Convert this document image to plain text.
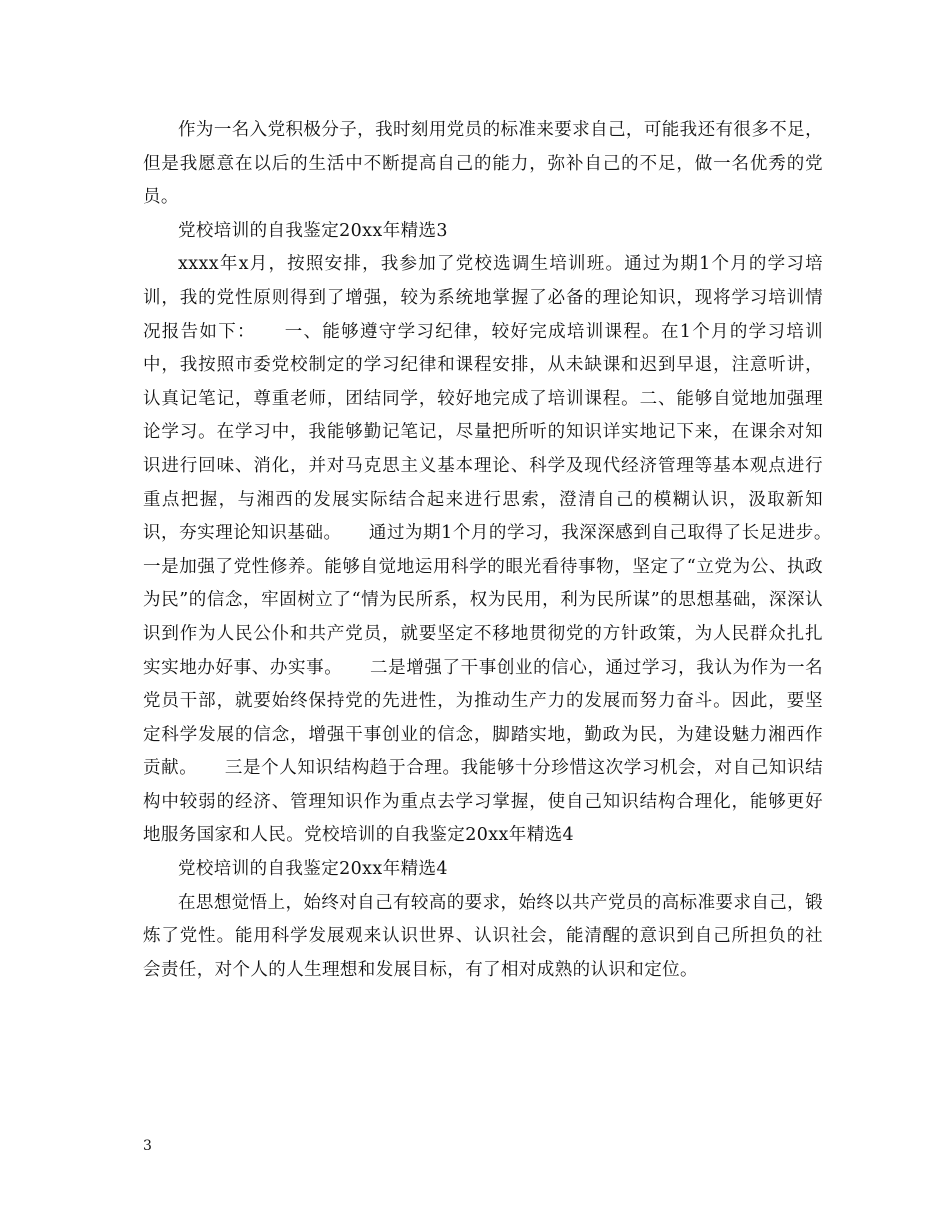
作为一名入党积极分子，我时刻用党员的标准来要求自己，可能我还有很多不足，但是我愿意在以后的生活中不断提高自己的能力，弥补自己的不足，做一名优秀的党员。

党校培训的自我鉴定20xx年精选3

xxxx年x月，按照安排，我参加了党校选调生培训班。通过为期1个月的学习培训，我的党性原则得到了增强，较为系统地掌握了必备的理论知识，现将学习培训情况报告如下：　　一、能够遵守学习纪律，较好完成培训课程。在1个月的学习培训中，我按照市委党校制定的学习纪律和课程安排，从未缺课和迟到早退，注意听讲，认真记笔记，尊重老师，团结同学，较好地完成了培训课程。二、能够自觉地加强理论学习。在学习中，我能够勤记笔记，尽量把所听的知识详实地记下来，在课余对知识进行回味、消化，并对马克思主义基本理论、科学及现代经济管理等基本观点进行重点把握，与湘西的发展实际结合起来进行思索，澄清自己的模糊认识，汲取新知识，夯实理论知识基础。　　通过为期1个月的学习，我深深感到自己取得了长足进步。　　一是加强了党性修养。能够自觉地运用科学的眼光看待事物，坚定了“立党为公、执政为民”的信念，牢固树立了“情为民所系，权为民用，利为民所谋”的思想基础，深深认识到作为人民公仆和共产党员，就要坚定不移地贯彻党的方针政策，为人民群众扎扎实实地办好事、办实事。　　二是增强了干事创业的信心，通过学习，我认为作为一名党员干部，就要始终保持党的先进性，为推动生产力的发展而努力奋斗。因此，要坚定科学发展的信念，增强干事创业的信念，脚踏实地，勤政为民，为建设魅力湘西作贡献。　　三是个人知识结构趋于合理。我能够十分珍惜这次学习机会，对自己知识结构中较弱的经济、管理知识作为重点去学习掌握，使自己知识结构合理化，能够更好地服务国家和人民。党校培训的自我鉴定20xx年精选4

党校培训的自我鉴定20xx年精选4

在思想觉悟上，始终对自己有较高的要求，始终以共产党员的高标准要求自己，锻炼了党性。能用科学发展观来认识世界、认识社会，能清醒的意识到自己所担负的社会责任，对个人的人生理想和发展目标，有了相对成熟的认识和定位。

3
